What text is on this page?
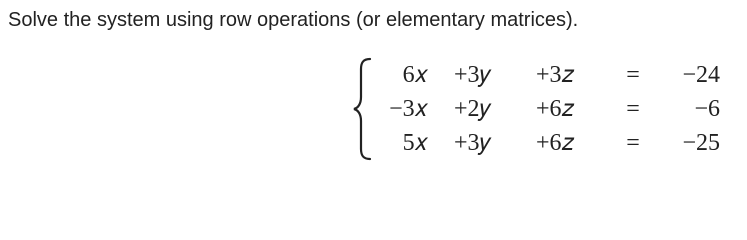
Solve the system using row operations (or elementary matrices).
6𝑥 +3𝑦	+3𝑧	=	−24
−3𝑥 +2𝑦	+6𝑧	=	−6
5𝑥 +3𝑦	+6𝑧	=	−25
